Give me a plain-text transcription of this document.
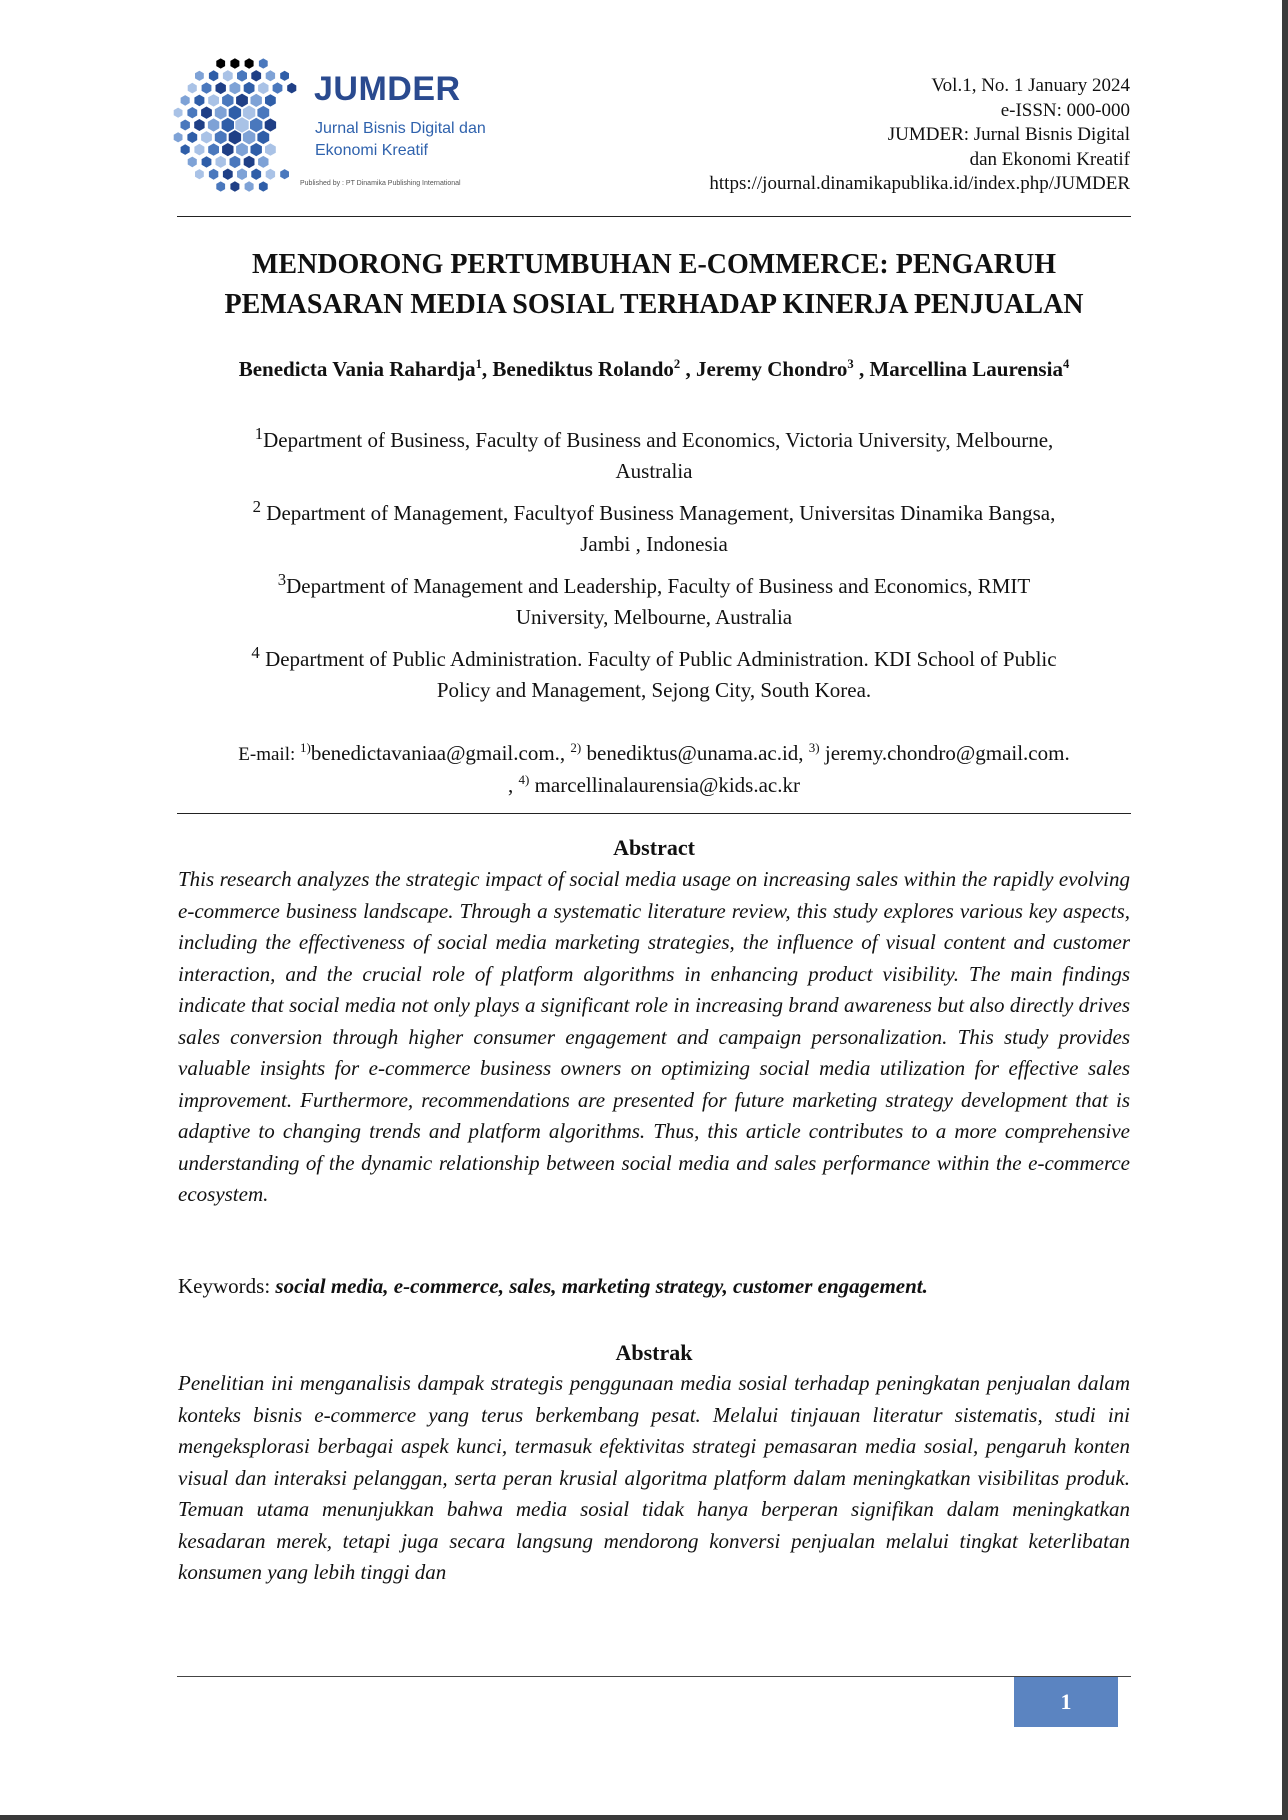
JUMDER
Jurnal Bisnis Digital dan Ekonomi Kreatif
Published by : PT Dinamika Publishing International
Vol.1, No. 1 January 2024
e-ISSN: 000-000
JUMDER: Jurnal Bisnis Digital
dan Ekonomi Kreatif
https://journal.dinamikapublika.id/index.php/JUMDER
MENDORONG PERTUMBUHAN E-COMMERCE: PENGARUH
PEMASARAN MEDIA SOSIAL TERHADAP KINERJA PENJUALAN
Benedicta Vania Rahardja$^1$, Benediktus Rolando$^2$ , Jeremy Chondro$^3$ , Marcellina Laurensia$^4$
$^1$Department of Business, Faculty of Business and Economics, Victoria University, Melbourne,
Australia
$^2$ Department of Management, Facultyof Business Management, Universitas Dinamika Bangsa,
Jambi , Indonesia
$^3$Department of Management and Leadership, Faculty of Business and Economics, RMIT
University, Melbourne, Australia
$^4$ Department of Public Administration. Faculty of Public Administration. KDI School of Public
Policy and Management, Sejong City, South Korea.
E-mail: $^{1)}$benedictavaniaa@gmail.com., $^{2)}$ benediktus@unama.ac.id, $^{3)}$ jeremy.chondro@gmail.com.
, $^{4)}$ marcellinalaurensia@kids.ac.kr
Abstract
This research analyzes the strategic impact of social media usage on increasing sales within the rapidly evolving e-commerce business landscape. Through a systematic literature review, this study explores various key aspects, including the effectiveness of social media marketing strategies, the influence of visual content and customer interaction, and the crucial role of platform algorithms in enhancing product visibility. The main findings indicate that social media not only plays a significant role in increasing brand awareness but also directly drives sales conversion through higher consumer engagement and campaign personalization. This study provides valuable insights for e-commerce business owners on optimizing social media utilization for effective sales improvement. Furthermore, recommendations are presented for future marketing strategy development that is adaptive to changing trends and platform algorithms. Thus, this article contributes to a more comprehensive understanding of the dynamic relationship between social media and sales performance within the e-commerce ecosystem.
Keywords: social media, e-commerce, sales, marketing strategy, customer engagement.
Abstrak
Penelitian ini menganalisis dampak strategis penggunaan media sosial terhadap peningkatan penjualan dalam konteks bisnis e-commerce yang terus berkembang pesat. Melalui tinjauan literatur sistematis, studi ini mengeksplorasi berbagai aspek kunci, termasuk efektivitas strategi pemasaran media sosial, pengaruh konten visual dan interaksi pelanggan, serta peran krusial algoritma platform dalam meningkatkan visibilitas produk. Temuan utama menunjukkan bahwa media sosial tidak hanya berperan signifikan dalam meningkatkan kesadaran merek, tetapi juga secara langsung mendorong konversi penjualan melalui tingkat keterlibatan konsumen yang lebih tinggi dan
1
